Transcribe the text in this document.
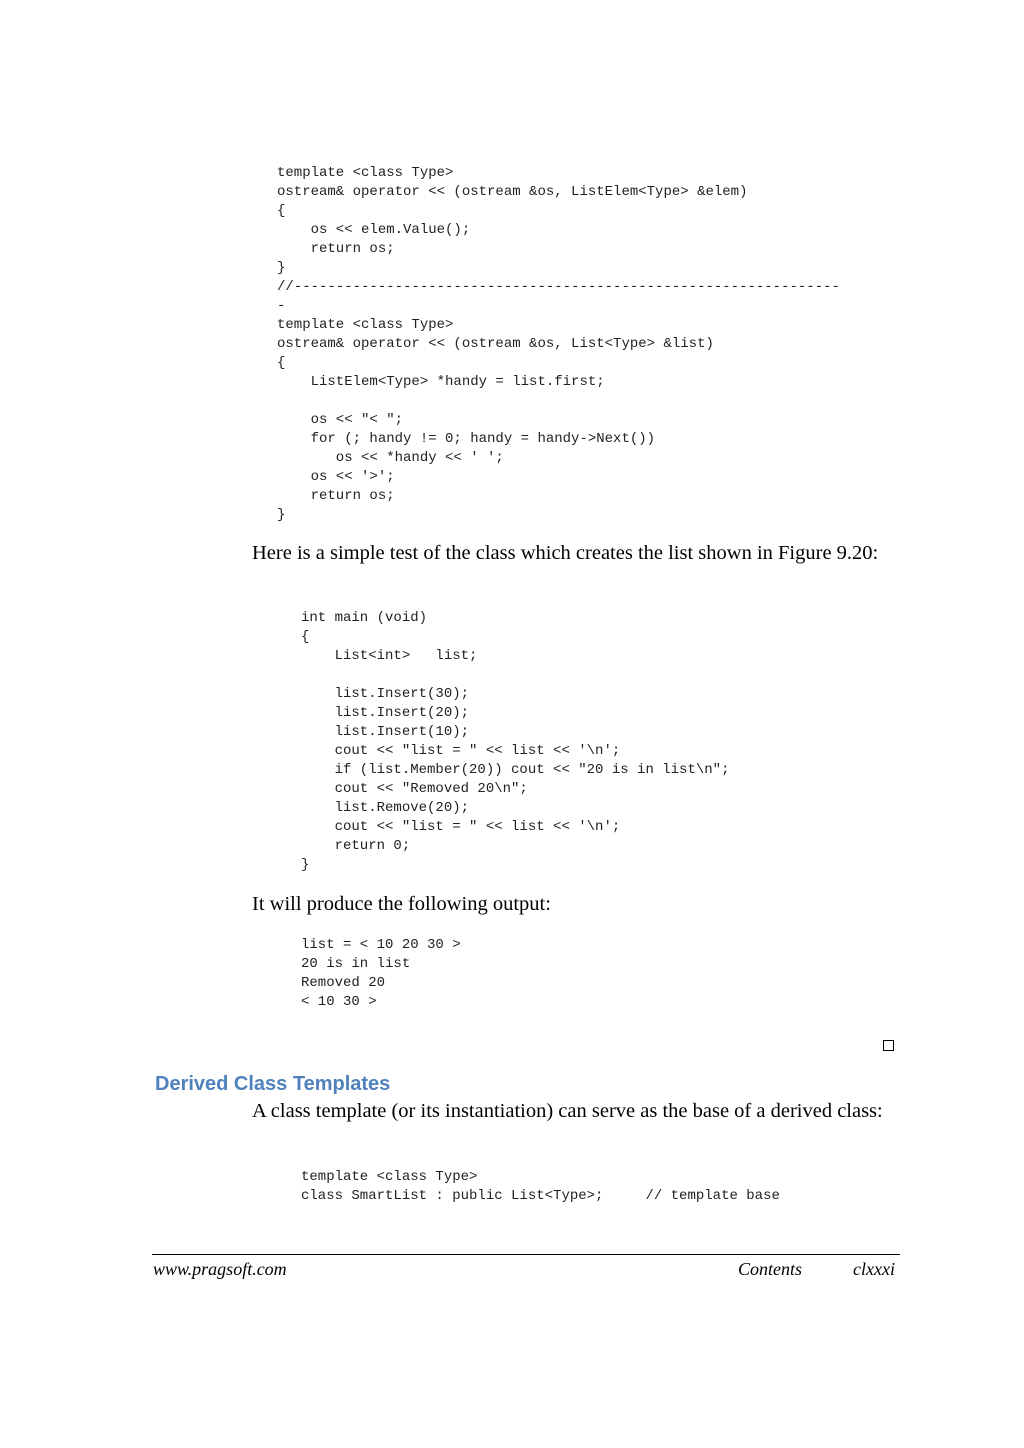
template <class Type>
ostream& operator << (ostream &os, ListElem<Type> &elem)
{
os << elem.Value();
return os;
}
//-----------------------------------------------------------------
-
template <class Type>
ostream& operator << (ostream &os, List<Type> &list)
{
ListElem<Type> *handy = list.first;

os << "< ";
for (; handy != 0; handy = handy->Next())
os << *handy << ' ';
os << '>';
return os;
}

Here is a simple test of the class which creates the list shown in Figure 9.20:

int main (void)
{
List<int>   list;

list.Insert(30);
list.Insert(20);
list.Insert(10);
cout << "list = " << list << '\n';
if (list.Member(20)) cout << "20 is in list\n";
cout << "Removed 20\n";
list.Remove(20);
cout << "list = " << list << '\n';
return 0;
}

It will produce the following output:

list = < 10 20 30 >
20 is in list
Removed 20
< 10 30 >
Derived Class Templates

A class template (or its instantiation) can serve as the base of a derived class:

template <class Type>
class SmartList : public List<Type>;     // template base

www.pragsoft.com	Contents	clxxxi
